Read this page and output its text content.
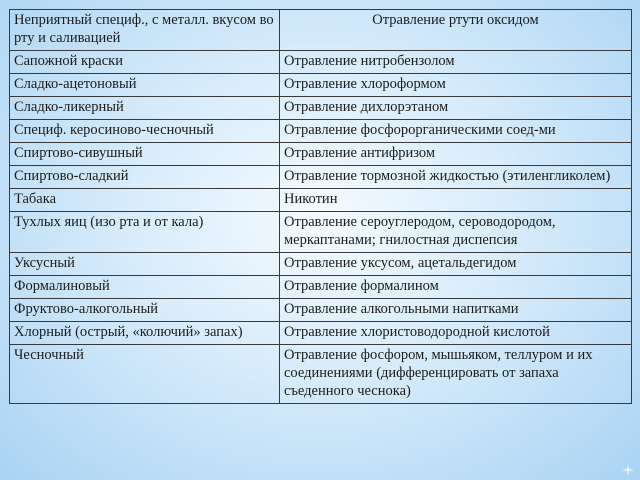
Неприятный специф., с металл. вкусом во рту и саливацией	Отравление ртути оксидом
Сапожной краски	Отравление нитробензолом
Сладко-ацетоновый	Отравление хлороформом
Сладко-ликерный	Отравление дихлорэтаном
Специф. керосиново-чесночный	Отравление фосфорорганическими соед-ми
Спиртово-сивушный	Отравление антифризом
Спиртово-сладкий	Отравление тормозной жидкостью (этиленгликолем)
Табака	Никотин
Тухлых яиц (изо рта и от кала)	Отравление сероуглеродом, сероводородом, меркаптанами; гнилостная диспепсия
Уксусный	Отравление уксусом, ацетальдегидом
Формалиновый	Отравление формалином
Фруктово-алкогольный	Отравление алкогольными напитками
Хлорный (острый, «колючий» запах)	Отравление хлористоводородной кислотой
Чесночный	Отравление фосфором, мышьяком, теллуром и их соединениями (дифференцировать от запаха съеденного чеснока)
